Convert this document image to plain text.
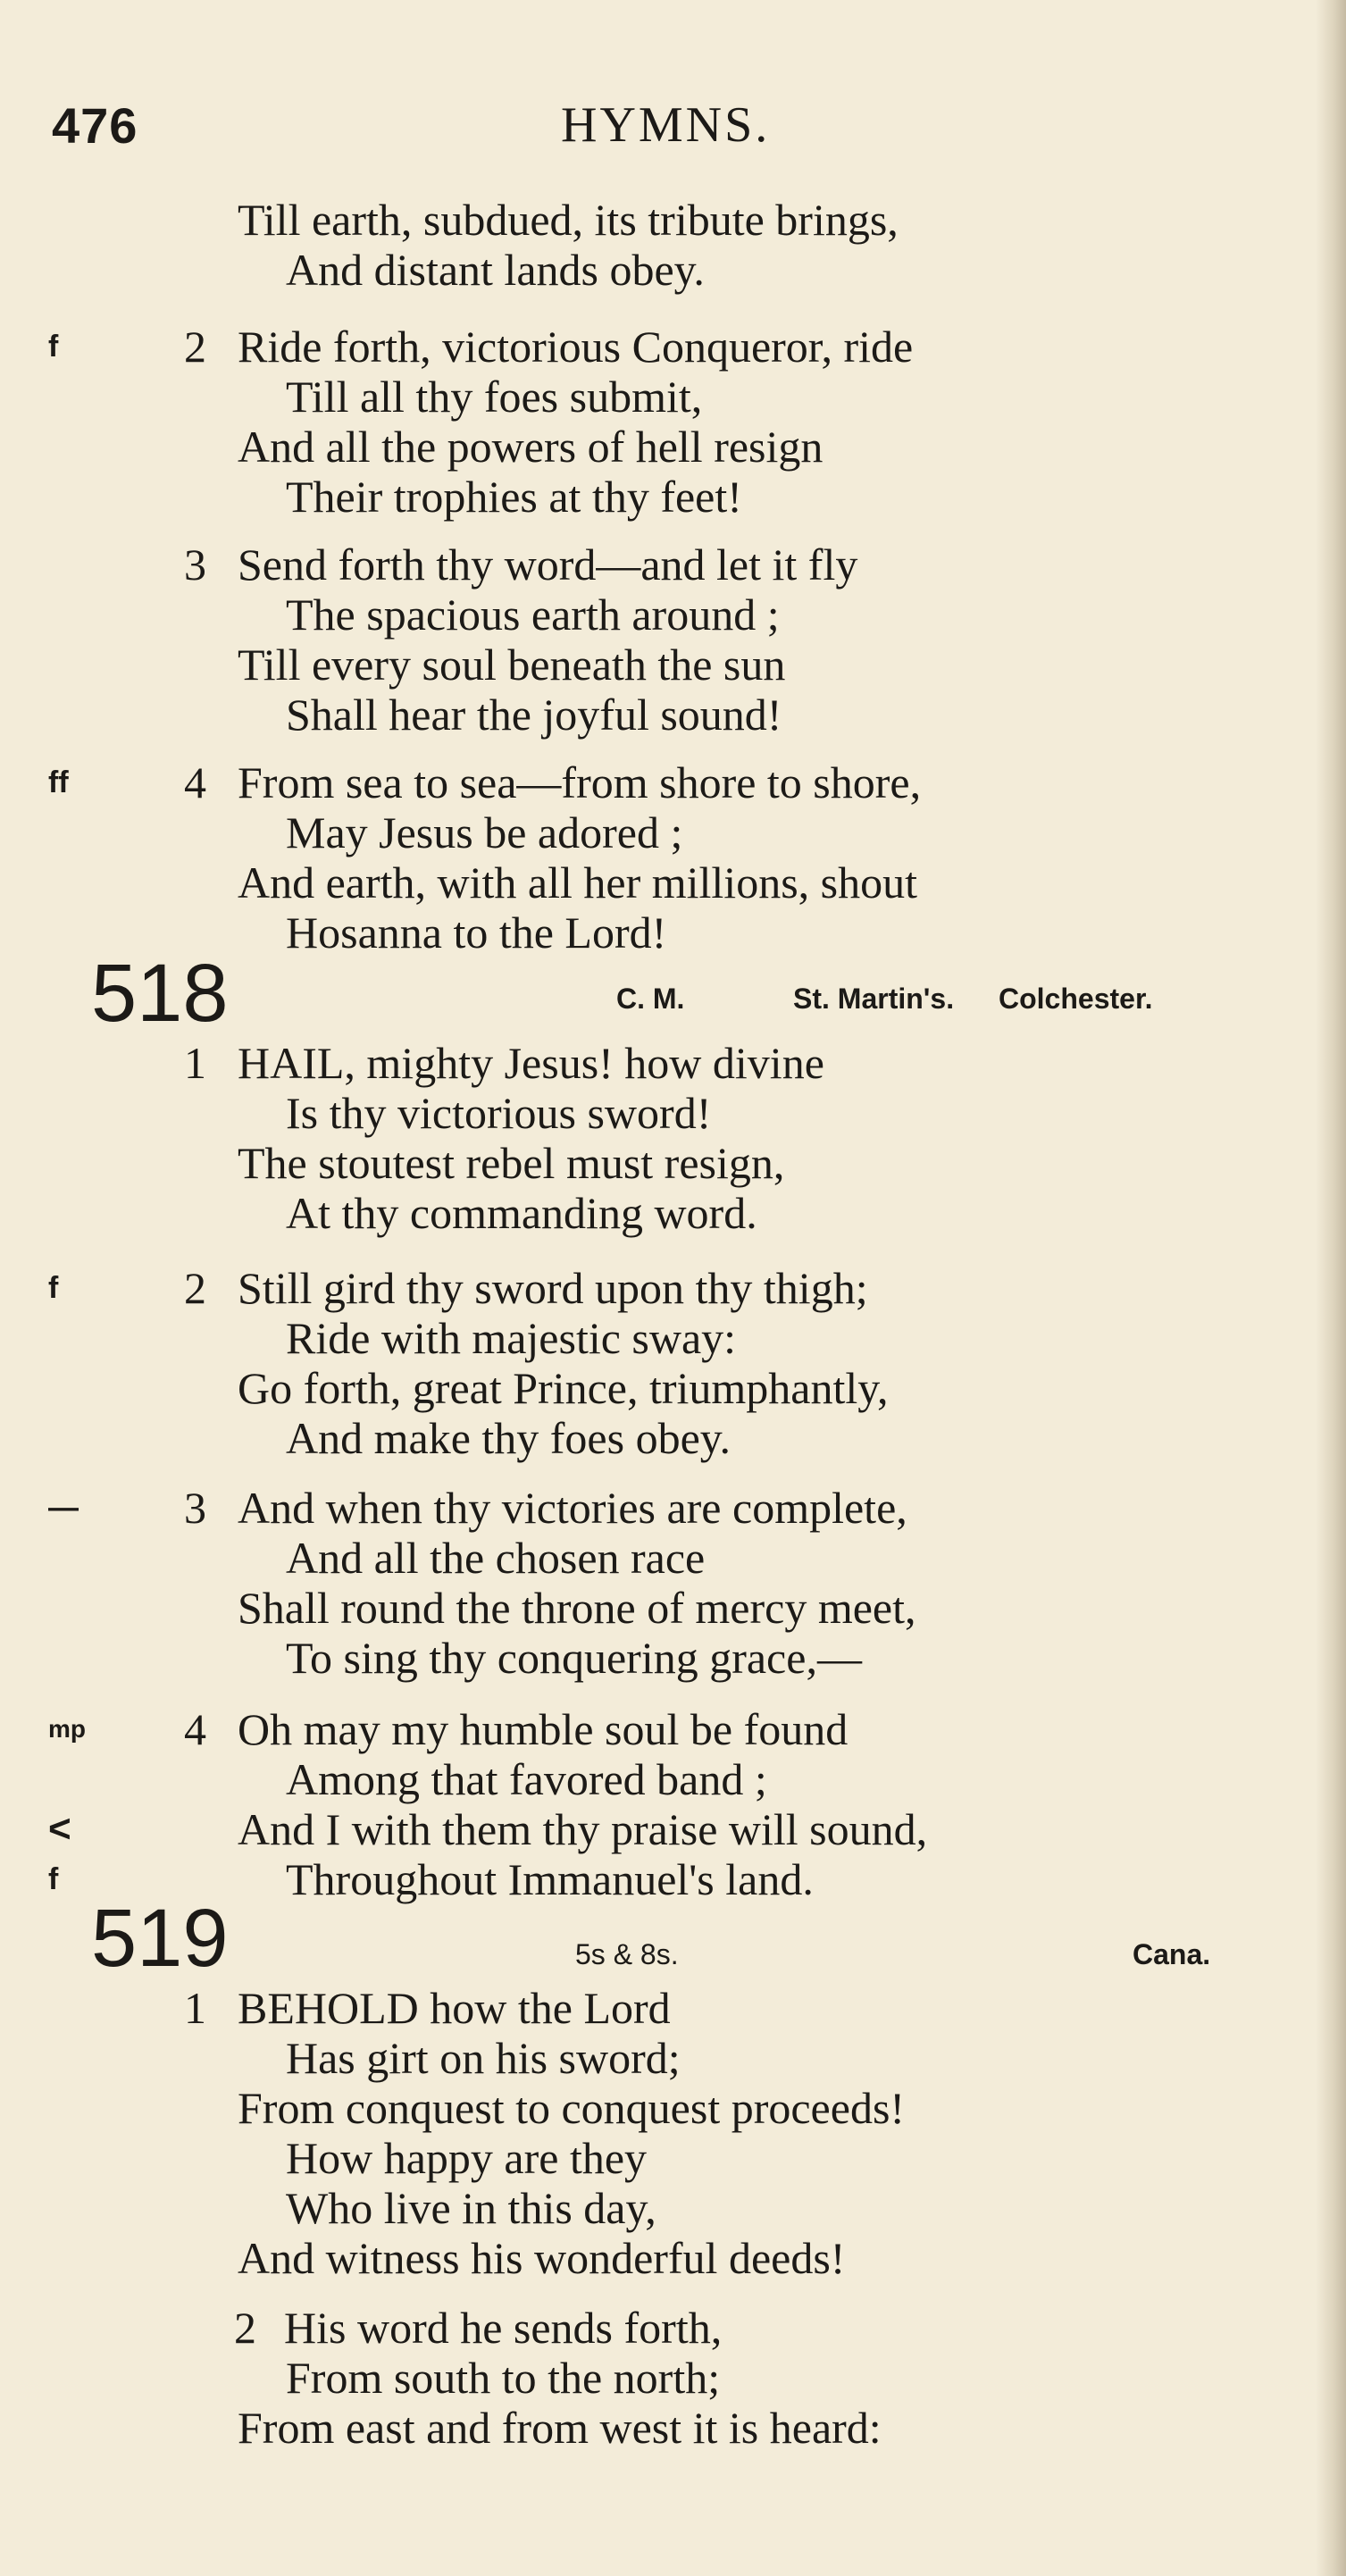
476	HYMNS.
Till earth, subdued, its tribute brings,
And distant lands obey.
f	2 Ride forth, victorious Conqueror, ride
Till all thy foes submit,
And all the powers of hell resign
Their trophies at thy feet!
3 Send forth thy word—and let it fly
The spacious earth around ;
Till every soul beneath the sun
Shall hear the joyful sound!
ff	4 From sea to sea—from shore to shore,
May Jesus be adored ;
And earth, with all her millions, shout
Hosanna to the Lord!
518	C. M.	St. Martin's. Colchester.
1 HAIL, mighty Jesus! how divine
Is thy victorious sword!
The stoutest rebel must resign,
At thy commanding word.
f	2 Still gird thy sword upon thy thigh;
Ride with majestic sway:
Go forth, great Prince, triumphantly,
And make thy foes obey.
— 3 And when thy victories are complete,
And all the chosen race
Shall round the throne of mercy meet,
To sing thy conquering grace,—
mp 4 Oh may my humble soul be found
Among that favored band ;
<	And I with them thy praise will sound,
f	Throughout Immanuel's land.
519	5s & 8s.	Cana.
1 BEHOLD how the Lord
Has girt on his sword;
From conquest to conquest proceeds!
How happy are they
Who live in this day,
And witness his wonderful deeds!
2 His word he sends forth,
From south to the north;
From east and from west it is heard:
